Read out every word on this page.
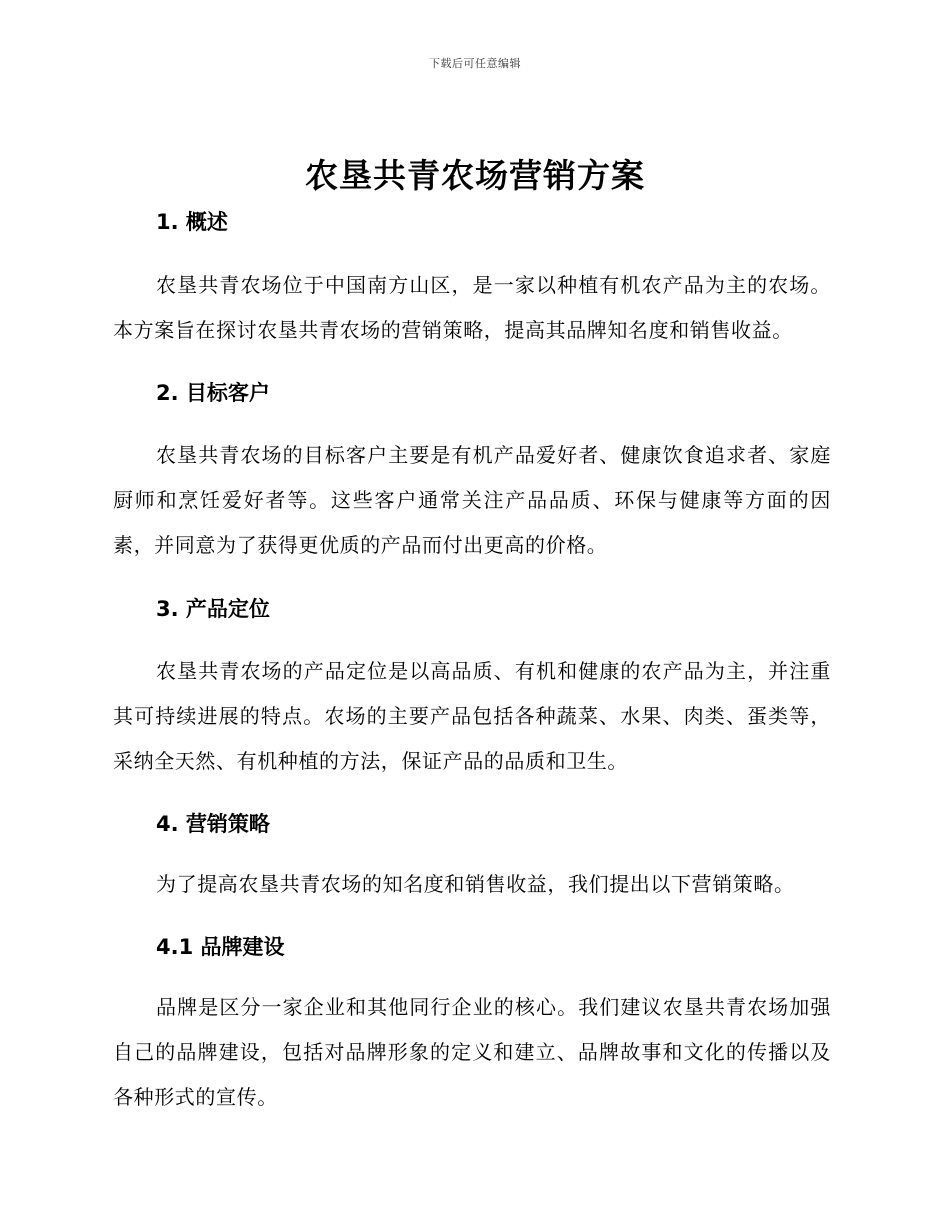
下载后可任意编辑
农垦共青农场营销方案
1. 概述

农垦共青农场位于中国南方山区，是一家以种植有机农产品为主的农场。本方案旨在探讨农垦共青农场的营销策略，提高其品牌知名度和销售收益。

2. 目标客户

农垦共青农场的目标客户主要是有机产品爱好者、健康饮食追求者、家庭厨师和烹饪爱好者等。这些客户通常关注产品品质、环保与健康等方面的因素，并同意为了获得更优质的产品而付出更高的价格。

3. 产品定位

农垦共青农场的产品定位是以高品质、有机和健康的农产品为主，并注重其可持续进展的特点。农场的主要产品包括各种蔬菜、水果、肉类、蛋类等，采纳全天然、有机种植的方法，保证产品的品质和卫生。

4. 营销策略

为了提高农垦共青农场的知名度和销售收益，我们提出以下营销策略。

4.1 品牌建设

品牌是区分一家企业和其他同行企业的核心。我们建议农垦共青农场加强自己的品牌建设，包括对品牌形象的定义和建立、品牌故事和文化的传播以及各种形式的宣传。
